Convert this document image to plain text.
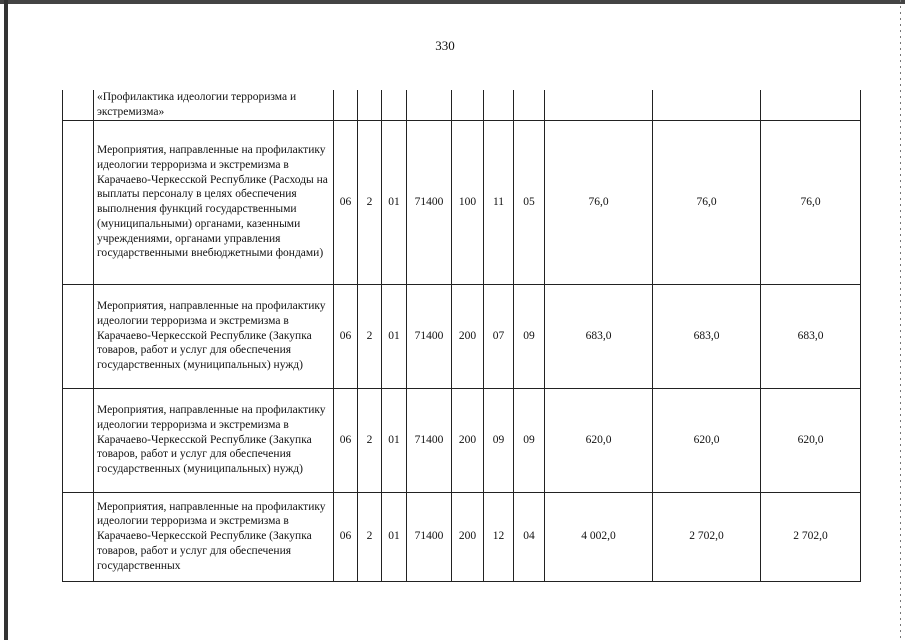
330
	«Профилактика идеологии терроризма и экстремизма»										
	Мероприятия, направленные на профилактику идеологии терроризма и экстремизма в Карачаево-Черкесской Республике (Расходы на выплаты персоналу в целях обеспечения выполнения функций государственными (муниципальными) органами, казенными учреждениями, органами управления государственными внебюджетными фондами)	06	2	01	71400	100	11	05	76,0	76,0	76,0
	Мероприятия, направленные на профилактику идеологии терроризма и экстремизма в Карачаево-Черкесской Республике (Закупка товаров, работ и услуг для обеспечения государственных (муниципальных) нужд)	06	2	01	71400	200	07	09	683,0	683,0	683,0
	Мероприятия, направленные на профилактику идеологии терроризма и экстремизма в Карачаево-Черкесской Республике (Закупка товаров, работ и услуг для обеспечения государственных (муниципальных) нужд)	06	2	01	71400	200	09	09	620,0	620,0	620,0
	Мероприятия, направленные на профилактику идеологии терроризма и экстремизма в Карачаево-Черкесской Республике (Закупка товаров, работ и услуг для обеспечения государственных	06	2	01	71400	200	12	04	4 002,0	2 702,0	2 702,0
